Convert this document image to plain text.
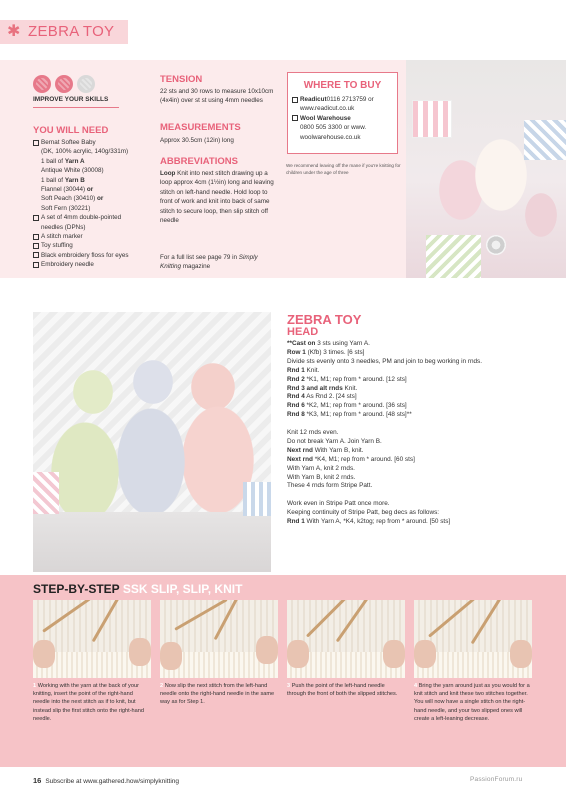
✱ ZEBRA TOY
IMPROVE YOUR SKILLS
YOU WILL NEED
Bernat Softee Baby
(DK, 100% acrylic, 140g/331m)
1 ball of Yarn A
Antique White (30008)
1 ball of Yarn B
Flannel (30044) or
Soft Peach (30410) or
Soft Fern (30221)
A set of 4mm double-pointed
needles (DPNs)
A stitch marker
Toy stuffing
Black embroidery floss for eyes
Embroidery needle
TENSION
22 sts and 30 rows to measure 10x10cm (4x4in) over st st using 4mm needles
MEASUREMENTS
Approx 30.5cm (12in) long
ABBREVIATIONS
Loop Knit into next stitch drawing up a loop approx 4cm (1½in) long and leaving stitch on left-hand needle. Hold loop to front of work and knit into back of same stitch to secure loop, then slip stitch off needle
For a full list see page 79 in Simply Knitting magazine
WHERE TO BUY
Readicut 0116 2713759 or
www.readicut.co.uk
Wool Warehouse
0800 505 3300 or www.
woolwarehouse.co.uk
We recommend leaving off the mane if you're knitting for children under the age of three
ZEBRA TOY
HEAD

**Cast on 3 sts using Yarn A.

Row 1 (Kfb) 3 times. [6 sts]

Divide sts evenly onto 3 needles, PM and join to beg working in rnds.

Rnd 1 Knit.

Rnd 2 *K1, M1; rep from * around. [12 sts]

Rnd 3 and alt rnds Knit.

Rnd 4 As Rnd 2. [24 sts]

Rnd 6 *K2, M1; rep from * around. [36 sts]

Rnd 8 *K3, M1; rep from * around. [48 sts]**

Knit 12 rnds even.

Do not break Yarn A. Join Yarn B.

Next rnd With Yarn B, knit.

Next rnd *K4, M1; rep from * around. [60 sts]

With Yarn A, knit 2 rnds.

With Yarn B, knit 2 rnds.

These 4 rnds form Stripe Patt.

Work even in Stripe Patt once more.

Keeping continuity of Stripe Patt, beg decs as follows:

Rnd 1 With Yarn A, *K4, k2tog; rep from * around. [50 sts]

STEP-BY-STEP SSK SLIP, SLIP, KNIT
1 Working with the yarn at the back of your knitting, insert the point of the right-hand needle into the next stitch as if to knit, but instead slip the first stitch onto the right-hand needle.
2 Now slip the next stitch from the left-hand needle onto the right-hand needle in the same way as for Step 1.
3 Push the point of the left-hand needle through the front of both the slipped stitches.
4 Bring the yarn around just as you would for a knit stitch and knit these two stitches together. You will now have a single stitch on the right-hand needle, and your two slipped ones will create a left-leaning decrease.
16 Subscribe at www.gathered.how/simplyknitting	PassionForum.ru
